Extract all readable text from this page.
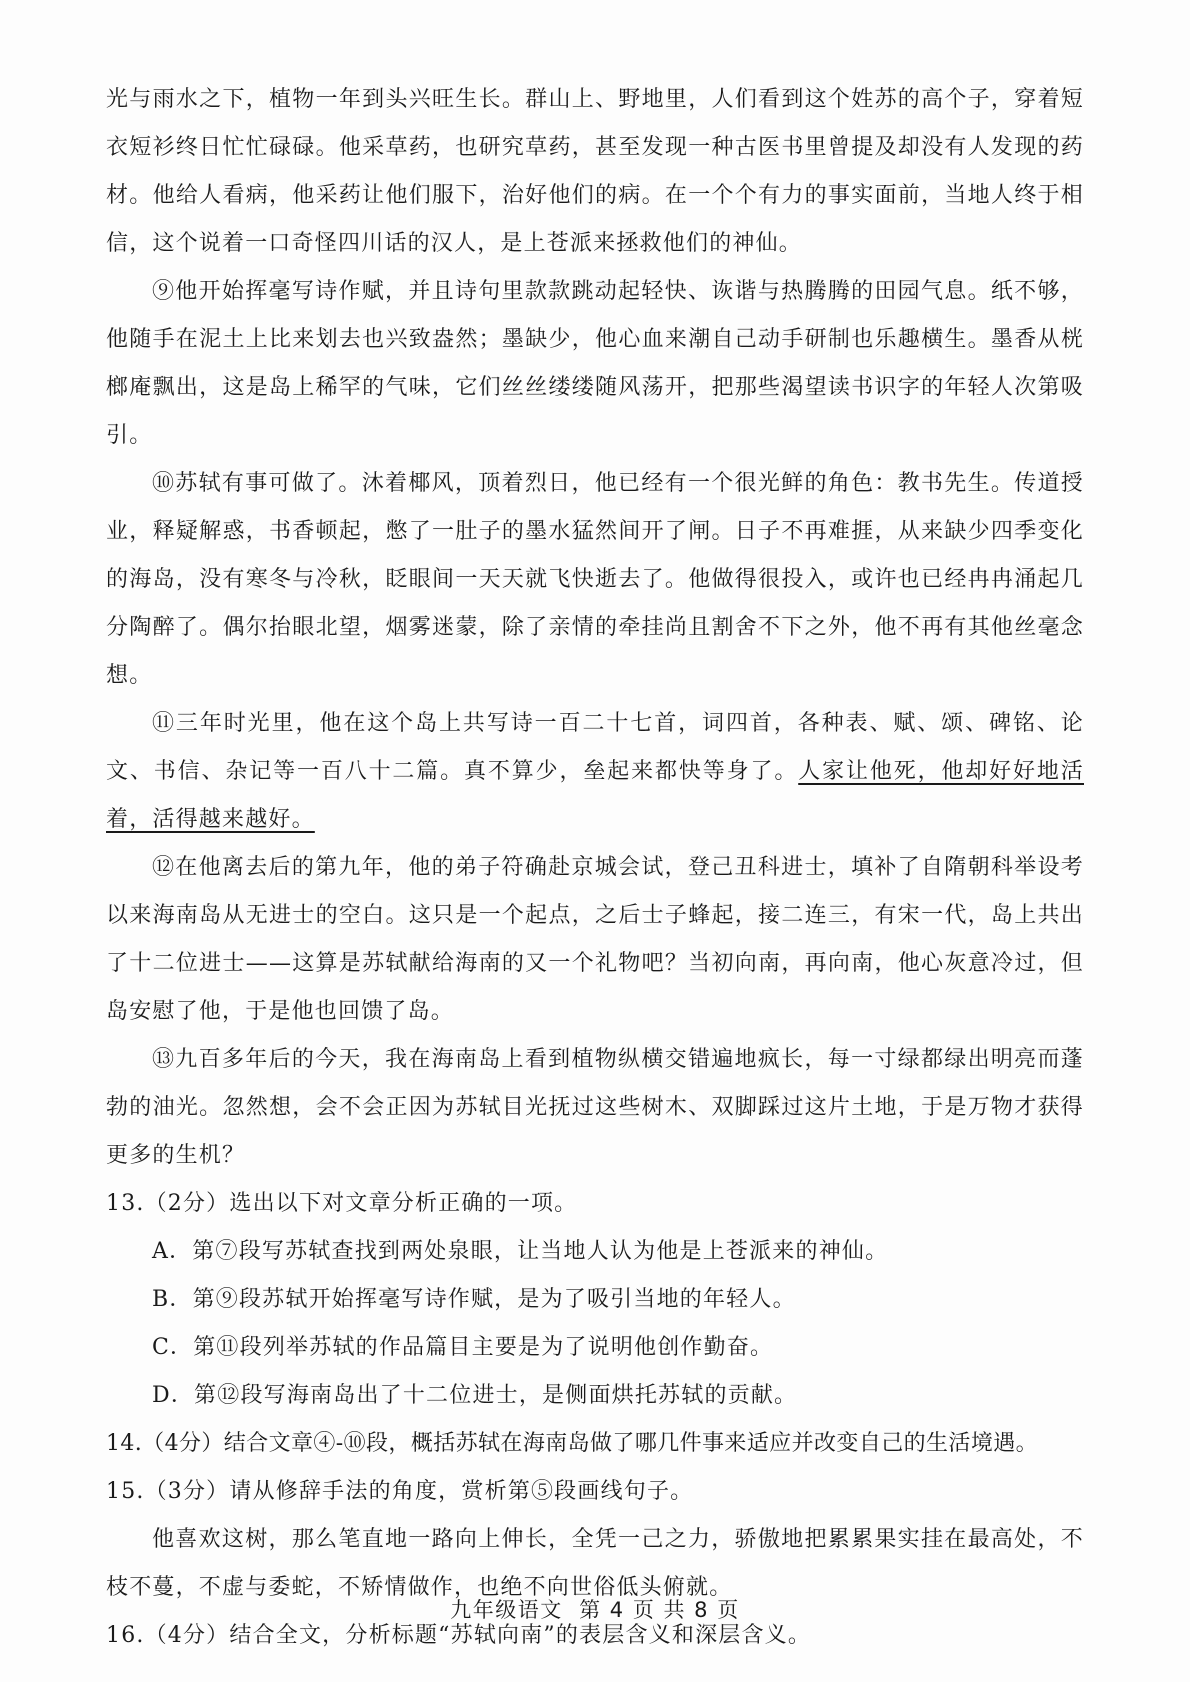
光与雨水之下，植物一年到头兴旺生长。群山上、野地里，人们看到这个姓苏的高个子，穿着短衣短衫终日忙忙碌碌。他采草药，也研究草药，甚至发现一种古医书里曾提及却没有人发现的药材。他给人看病，他采药让他们服下，治好他们的病。在一个个有力的事实面前，当地人终于相信，这个说着一口奇怪四川话的汉人，是上苍派来拯救他们的神仙。

⑨他开始挥毫写诗作赋，并且诗句里款款跳动起轻快、诙谐与热腾腾的田园气息。纸不够，他随手在泥土上比来划去也兴致盎然；墨缺少，他心血来潮自己动手研制也乐趣横生。墨香从桄榔庵飘出，这是岛上稀罕的气味，它们丝丝缕缕随风荡开，把那些渴望读书识字的年轻人次第吸引。

⑩苏轼有事可做了。沐着椰风，顶着烈日，他已经有一个很光鲜的角色：教书先生。传道授业，释疑解惑，书香顿起，憋了一肚子的墨水猛然间开了闸。日子不再难捱，从来缺少四季变化的海岛，没有寒冬与冷秋，眨眼间一天天就飞快逝去了。他做得很投入，或许也已经冉冉涌起几分陶醉了。偶尔抬眼北望，烟雾迷蒙，除了亲情的牵挂尚且割舍不下之外，他不再有其他丝毫念想。

⑪三年时光里，他在这个岛上共写诗一百二十七首，词四首，各种表、赋、颂、碑铭、论文、书信、杂记等一百八十二篇。真不算少，垒起来都快等身了。人家让他死，他却好好地活着，活得越来越好。

⑫在他离去后的第九年，他的弟子符确赴京城会试，登己丑科进士，填补了自隋朝科举设考以来海南岛从无进士的空白。这只是一个起点，之后士子蜂起，接二连三，有宋一代，岛上共出了十二位进士——这算是苏轼献给海南的又一个礼物吧？当初向南，再向南，他心灰意冷过，但岛安慰了他，于是他也回馈了岛。

⑬九百多年后的今天，我在海南岛上看到植物纵横交错遍地疯长，每一寸绿都绿出明亮而蓬勃的油光。忽然想，会不会正因为苏轼目光抚过这些树木、双脚踩过这片土地，于是万物才获得更多的生机？

13.（2分）选出以下对文章分析正确的一项。

A．第⑦段写苏轼查找到两处泉眼，让当地人认为他是上苍派来的神仙。

B．第⑨段苏轼开始挥毫写诗作赋，是为了吸引当地的年轻人。

C．第⑪段列举苏轼的作品篇目主要是为了说明他创作勤奋。

D．第⑫段写海南岛出了十二位进士，是侧面烘托苏轼的贡献。

14.（4分）结合文章④-⑩段，概括苏轼在海南岛做了哪几件事来适应并改变自己的生活境遇。

15.（3分）请从修辞手法的角度，赏析第⑤段画线句子。

他喜欢这树，那么笔直地一路向上伸长，全凭一己之力，骄傲地把累累果实挂在最高处，不枝不蔓，不虚与委蛇，不矫情做作，也绝不向世俗低头俯就。

16.（4分）结合全文，分析标题“苏轼向南”的表层含义和深层含义。

九年级语文 第 4 页 共 8 页
